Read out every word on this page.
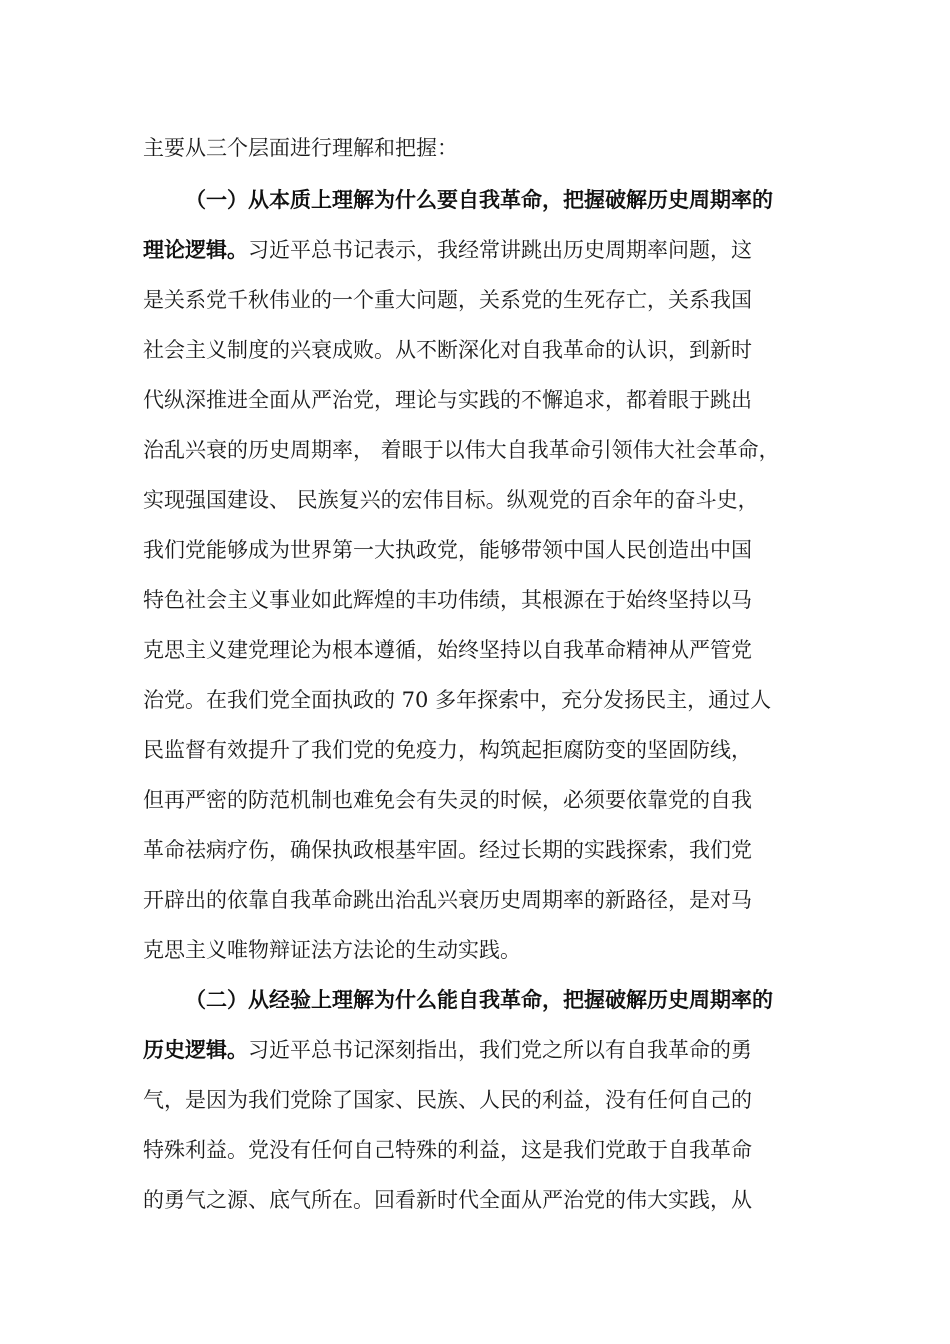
主要从三个层面进行理解和把握：

（一）从本质上理解为什么要自我革命，把握破解历史周期率的

理论逻辑。习近平总书记表示，我经常讲跳出历史周期率问题，这

是关系党千秋伟业的一个重大问题，关系党的生死存亡，关系我国

社会主义制度的兴衰成败。从不断深化对自我革命的认识，到新时

代纵深推进全面从严治党，理论与实践的不懈追求，都着眼于跳出

治乱兴衰的历史周期率， 着眼于以伟大自我革命引领伟大社会革命，

实现强国建设、 民族复兴的宏伟目标。纵观党的百余年的奋斗史，

我们党能够成为世界第一大执政党，能够带领中国人民创造出中国

特色社会主义事业如此辉煌的丰功伟绩，其根源在于始终坚持以马

克思主义建党理论为根本遵循，始终坚持以自我革命精神从严管党

治党。在我们党全面执政的 70 多年探索中，充分发扬民主，通过人

民监督有效提升了我们党的免疫力，构筑起拒腐防变的坚固防线，

但再严密的防范机制也难免会有失灵的时候，必须要依靠党的自我

革命祛病疗伤，确保执政根基牢固。经过长期的实践探索，我们党

开辟出的依靠自我革命跳出治乱兴衰历史周期率的新路径，是对马

克思主义唯物辩证法方法论的生动实践。

（二）从经验上理解为什么能自我革命，把握破解历史周期率的

历史逻辑。习近平总书记深刻指出，我们党之所以有自我革命的勇

气，是因为我们党除了国家、民族、人民的利益，没有任何自己的

特殊利益。党没有任何自己特殊的利益，这是我们党敢于自我革命

的勇气之源、底气所在。回看新时代全面从严治党的伟大实践，从
